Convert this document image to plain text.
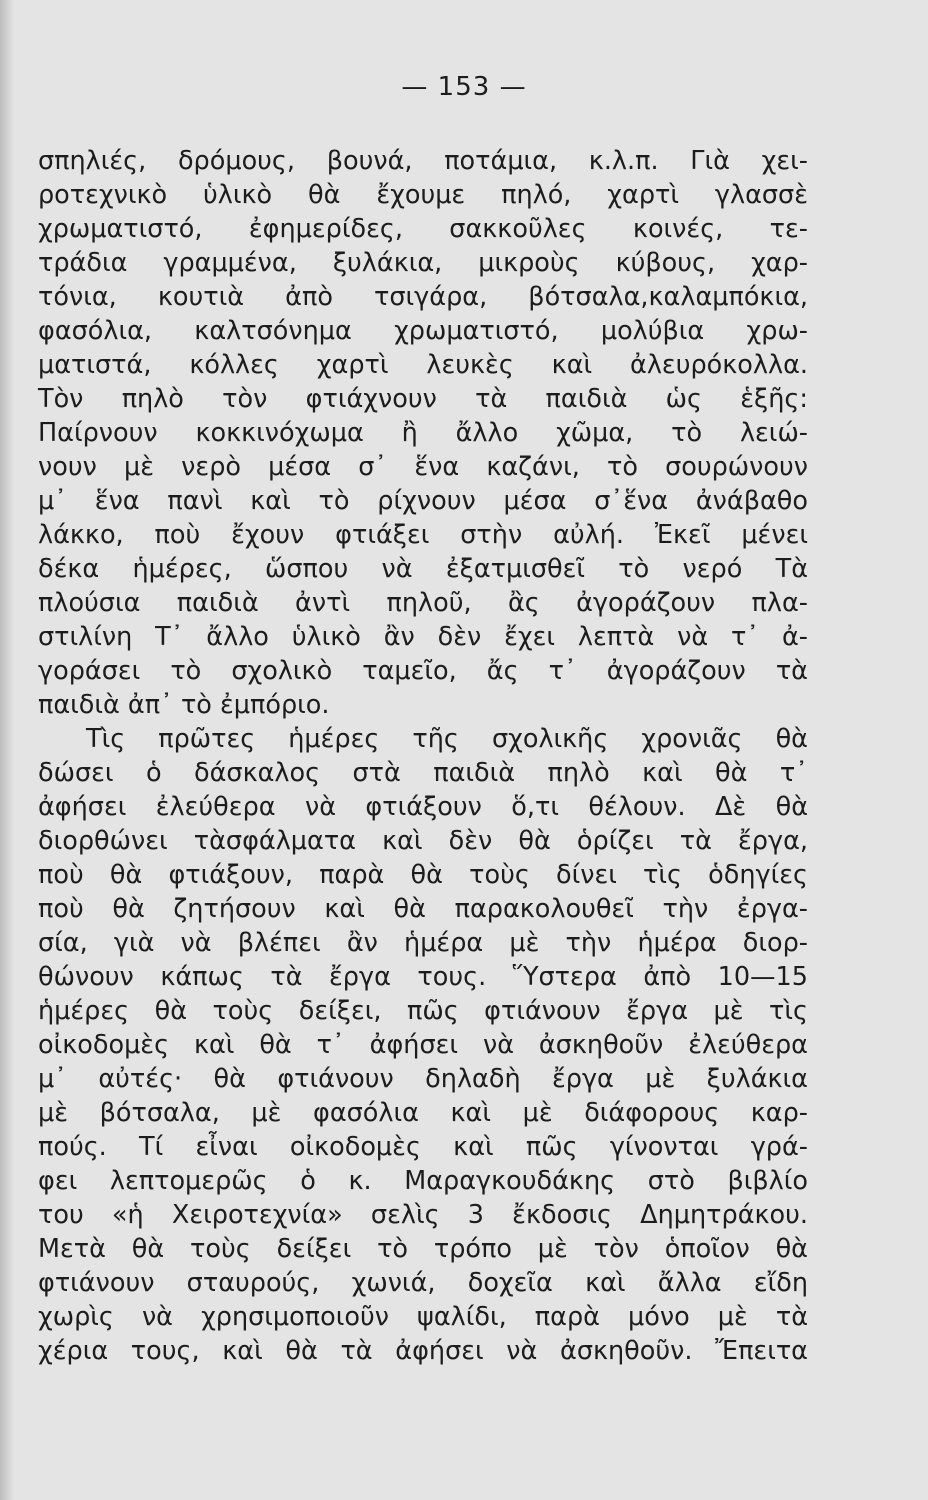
— 153 —
σπηλιές, δρόμους, βουνά, ποτάμια, κ.λ.π. Γιὰ χει-
ροτεχνικὸ ὑλικὸ θὰ ἔχουμε πηλό, χαρτὶ γλασσὲ
χρωματιστό, ἐφημερίδες, σακκοῦλες κοινές, τε-
τράδια γραμμένα, ξυλάκια, μικροὺς κύβους, χαρ-
τόνια, κουτιὰ ἀπὸ τσιγάρα, βότσαλα,καλαμπόκια,
φασόλια, καλτσόνημα χρωματιστό, μολύβια χρω-
ματιστά, κόλλες χαρτὶ λευκὲς καὶ ἀλευρόκολλα.
Τὸν πηλὸ τὸν φτιάχνουν τὰ παιδιὰ ὡς ἑξῆς:
Παίρνουν κοκκινόχωμα ἢ ἄλλο χῶμα, τὸ λειώ-
νουν μὲ νερὸ μέσα σ᾿ ἕνα καζάνι, τὸ σουρώνουν
μ᾿ ἕνα πανὶ καὶ τὸ ρίχνουν μέσα σ᾿ἕνα ἀνάβαθο
λάκκο, ποὺ ἔχουν φτιάξει στὴν αὐλή. Ἐκεῖ μένει
δέκα ἡμέρες, ὥσπου νὰ ἐξατμισθεῖ τὸ νερό Τὰ
πλούσια παιδιὰ ἀντὶ πηλοῦ, ἂς ἀγοράζουν πλα-
στιλίνη Τ᾿ ἄλλο ὑλικὸ ἂν δὲν ἔχει λεπτὰ νὰ τ᾿ ἀ-
γοράσει τὸ σχολικὸ ταμεῖο, ἄς τ᾿ ἀγοράζουν τὰ
παιδιὰ ἀπ᾿ τὸ ἐμπόριο.
Τὶς πρῶτες ἡμέρες τῆς σχολικῆς χρονιᾶς θὰ
δώσει ὁ δάσκαλος στὰ παιδιὰ πηλὸ καὶ θὰ τ᾿
ἀφήσει ἐλεύθερα νὰ φτιάξουν ὅ,τι θέλουν. Δὲ θὰ
διορθώνει τὰσφάλματα καὶ δὲν θὰ ὁρίζει τὰ ἔργα,
ποὺ θὰ φτιάξουν, παρὰ θὰ τοὺς δίνει τὶς ὁδηγίες
ποὺ θὰ ζητήσουν καὶ θὰ παρακολουθεῖ τὴν ἐργα-
σία, γιὰ νὰ βλέπει ἂν ἡμέρα μὲ τὴν ἡμέρα διορ-
θώνουν κάπως τὰ ἔργα τους. Ὕστερα ἀπὸ 10—15
ἡμέρες θὰ τοὺς δείξει, πῶς φτιάνουν ἔργα μὲ τὶς
οἰκοδομὲς καὶ θὰ τ᾿ ἀφήσει νὰ ἀσκηθοῦν ἐλεύθερα
μ᾿ αὐτές· θὰ φτιάνουν δηλαδὴ ἔργα μὲ ξυλάκια
μὲ βότσαλα, μὲ φασόλια καὶ μὲ διάφορους καρ-
πούς. Τί εἶναι οἰκοδομὲς καὶ πῶς γίνονται γρά-
φει λεπτομερῶς ὁ κ. Μαραγκουδάκης στὸ βιβλίο
του «ἡ Χειροτεχνία» σελὶς 3 ἔκδοσις Δημητράκου.
Μετὰ θὰ τοὺς δείξει τὸ τρόπο μὲ τὸν ὁποῖον θὰ
φτιάνουν σταυρούς, χωνιά, δοχεῖα καὶ ἄλλα εἴδη
χωρὶς νὰ χρησιμοποιοῦν ψαλίδι, παρὰ μόνο μὲ τὰ
χέρια τους, καὶ θὰ τὰ ἀφήσει νὰ ἀσκηθοῦν. Ἔπειτα
